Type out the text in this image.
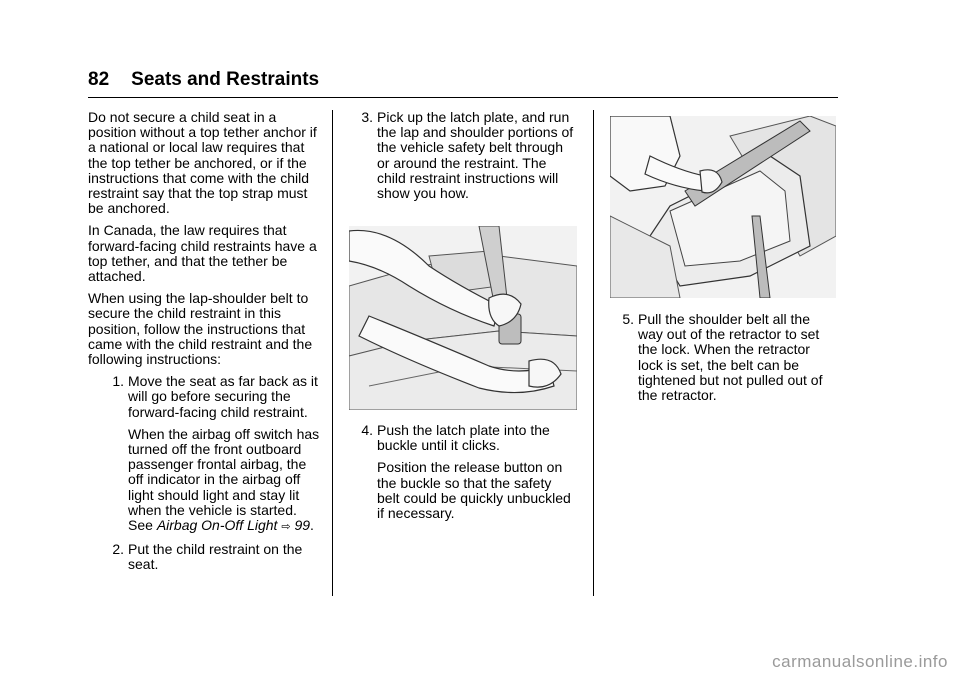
82 Seats and Restraints

Do not secure a child seat in a position without a top tether anchor if a national or local law requires that the top tether be anchored, or if the instructions that come with the child restraint say that the top strap must be anchored.

In Canada, the law requires that forward-facing child restraints have a top tether, and that the tether be attached.

When using the lap-shoulder belt to secure the child restraint in this position, follow the instructions that came with the child restraint and the following instructions:

1. Move the seat as far back as it will go before securing the forward-facing child restraint.
When the airbag off switch has turned off the front outboard passenger frontal airbag, the off indicator in the airbag off light should light and stay lit when the vehicle is started. See Airbag On-Off Light ⇨ 99.
2. Put the child restraint on the seat.
3. Pick up the latch plate, and run the lap and shoulder portions of the vehicle safety belt through or around the restraint. The child restraint instructions will show you how.
4. Push the latch plate into the buckle until it clicks.
Position the release button on the buckle so that the safety belt could be quickly unbuckled if necessary.
5. Pull the shoulder belt all the way out of the retractor to set the lock. When the retractor lock is set, the belt can be tightened but not pulled out of the retractor.
carmanualsonline.info
